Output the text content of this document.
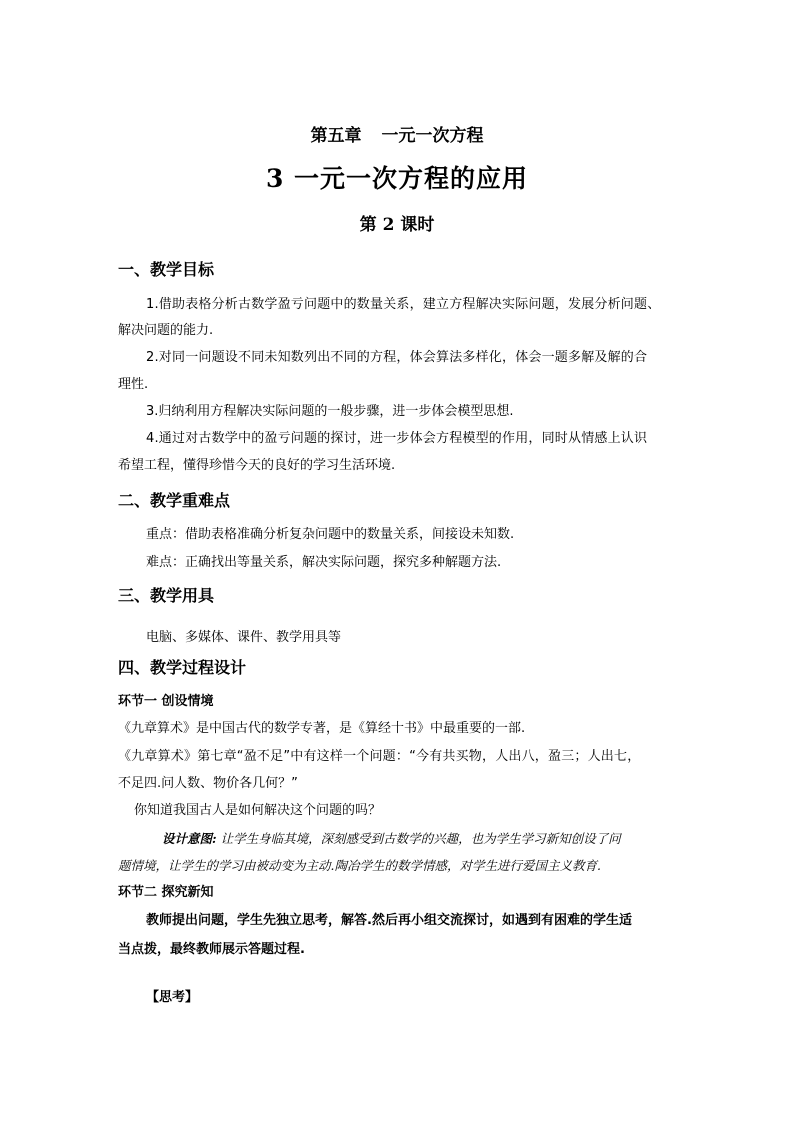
第五章 一元一次方程
3 一元一次方程的应用
第 2 课时
一、教学目标
1.借助表格分析古数学盈亏问题中的数量关系，建立方程解决实际问题，发展分析问题、
解决问题的能力.
2.对同一问题设不同未知数列出不同的方程，体会算法多样化，体会一题多解及解的合
理性.
3.归纳利用方程解决实际问题的一般步骤，进一步体会模型思想.
4.通过对古数学中的盈亏问题的探讨，进一步体会方程模型的作用，同时从情感上认识
希望工程，懂得珍惜今天的良好的学习生活环境.
二、教学重难点
重点：借助表格准确分析复杂问题中的数量关系，间接设未知数.
难点：正确找出等量关系，解决实际问题，探究多种解题方法.
三、教学用具
电脑、多媒体、课件、教学用具等
四、教学过程设计
环节一 创设情境
《九章算术》是中国古代的数学专著，是《算经十书》中最重要的一部.
《九章算术》第七章“盈不足”中有这样一个问题：“今有共买物，人出八，盈三；人出七，
不足四.问人数、物价各几何？”
你知道我国古人是如何解决这个问题的吗？
设计意图: 让学生身临其境，深刻感受到古数学的兴趣，也为学生学习新知创设了问
题情境，让学生的学习由被动变为主动.陶冶学生的数学情感，对学生进行爱国主义教育.
环节二 探究新知
教师提出问题，学生先独立思考，解答.然后再小组交流探讨，如遇到有困难的学生适
当点拨，最终教师展示答题过程.
【思考】
